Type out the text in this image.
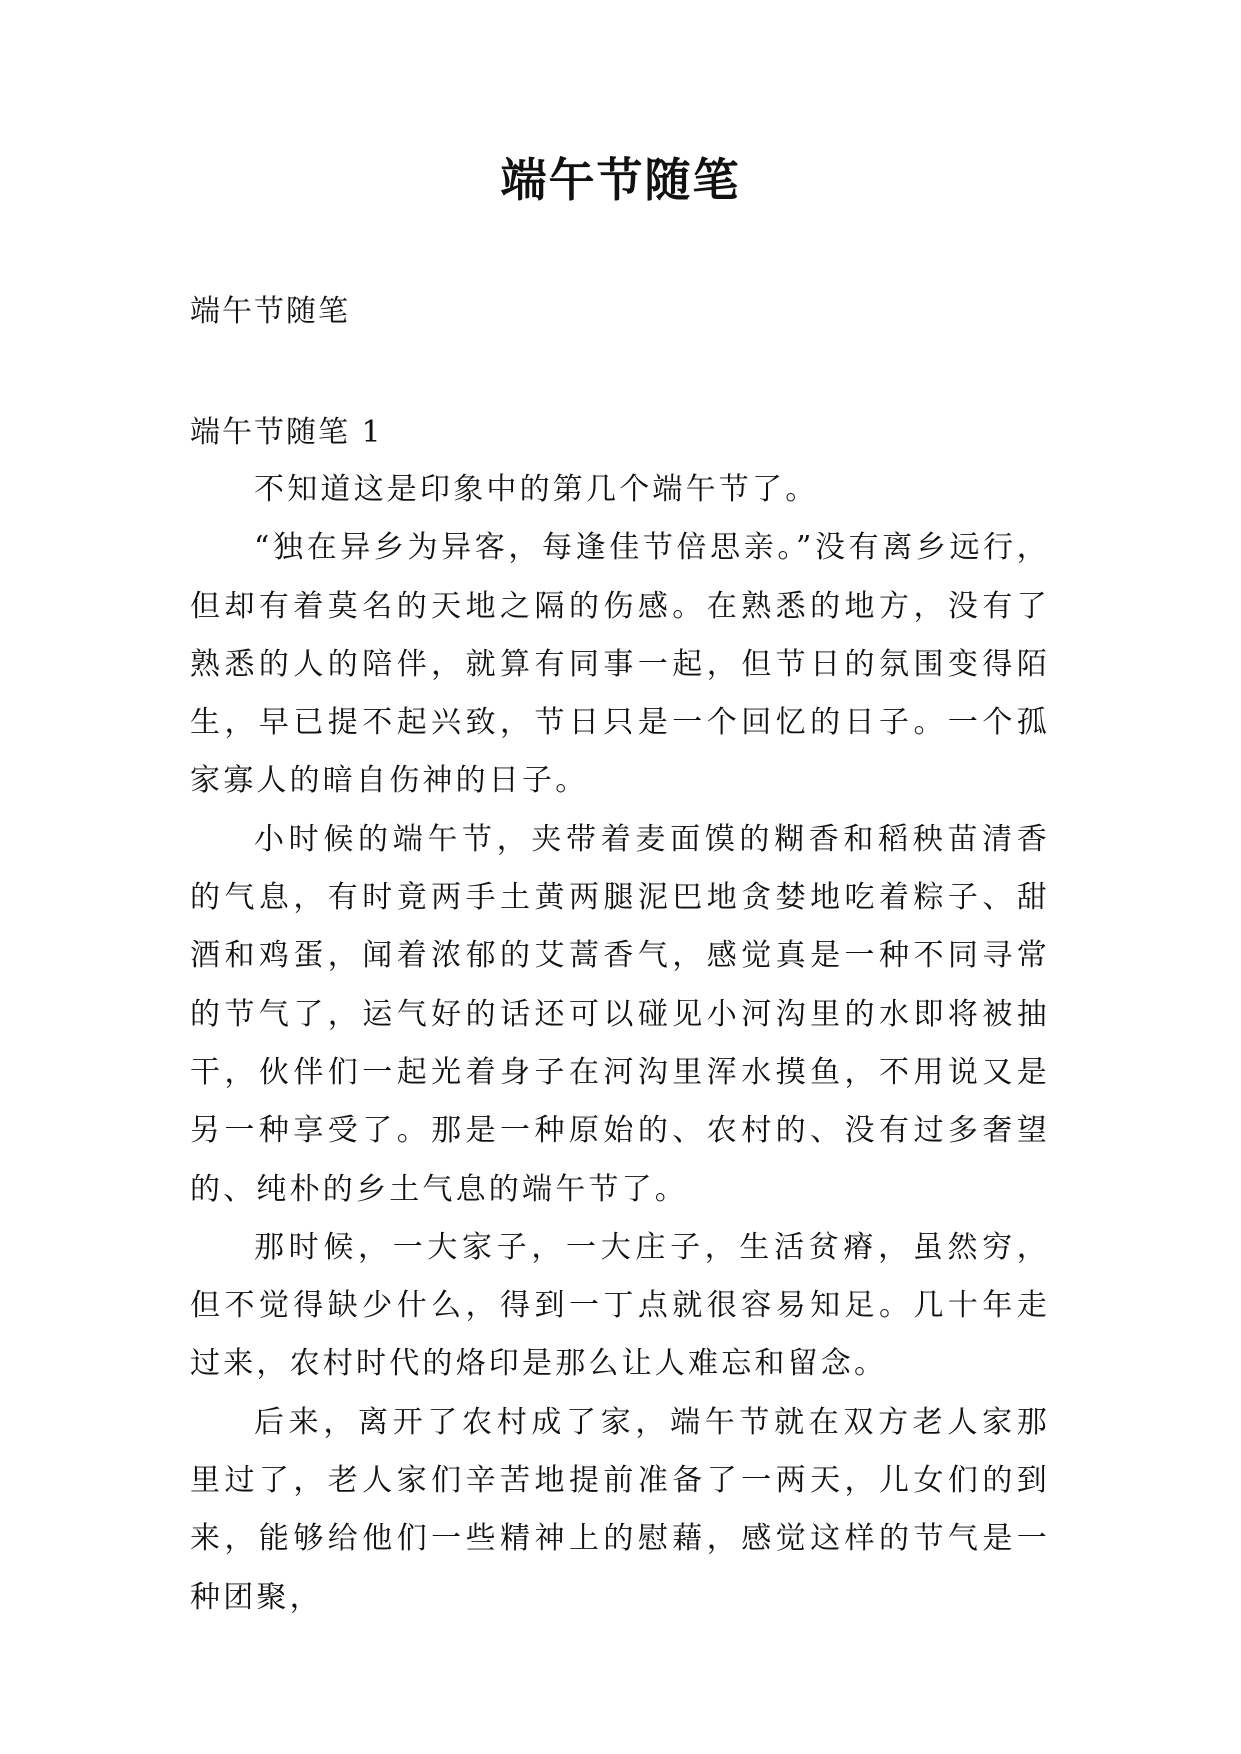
端午节随笔

端午节随笔

端午节随笔 1

不知道这是印象中的第几个端午节了。

“独在异乡为异客，每逢佳节倍思亲。”没有离乡远行，但却有着莫名的天地之隔的伤感。在熟悉的地方，没有了熟悉的人的陪伴，就算有同事一起，但节日的氛围变得陌生，早已提不起兴致，节日只是一个回忆的日子。一个孤家寡人的暗自伤神的日子。

小时候的端午节，夹带着麦面馍的糊香和稻秧苗清香的气息，有时竟两手土黄两腿泥巴地贪婪地吃着粽子、甜酒和鸡蛋，闻着浓郁的艾蒿香气，感觉真是一种不同寻常的节气了，运气好的话还可以碰见小河沟里的水即将被抽干，伙伴们一起光着身子在河沟里浑水摸鱼，不用说又是另一种享受了。那是一种原始的、农村的、没有过多奢望的、纯朴的乡土气息的端午节了。

那时候，一大家子，一大庄子，生活贫瘠，虽然穷，但不觉得缺少什么，得到一丁点就很容易知足。几十年走过来，农村时代的烙印是那么让人难忘和留念。

后来，离开了农村成了家，端午节就在双方老人家那里过了，老人家们辛苦地提前准备了一两天，儿女们的到来，能够给他们一些精神上的慰藉，感觉这样的节气是一种团聚，
